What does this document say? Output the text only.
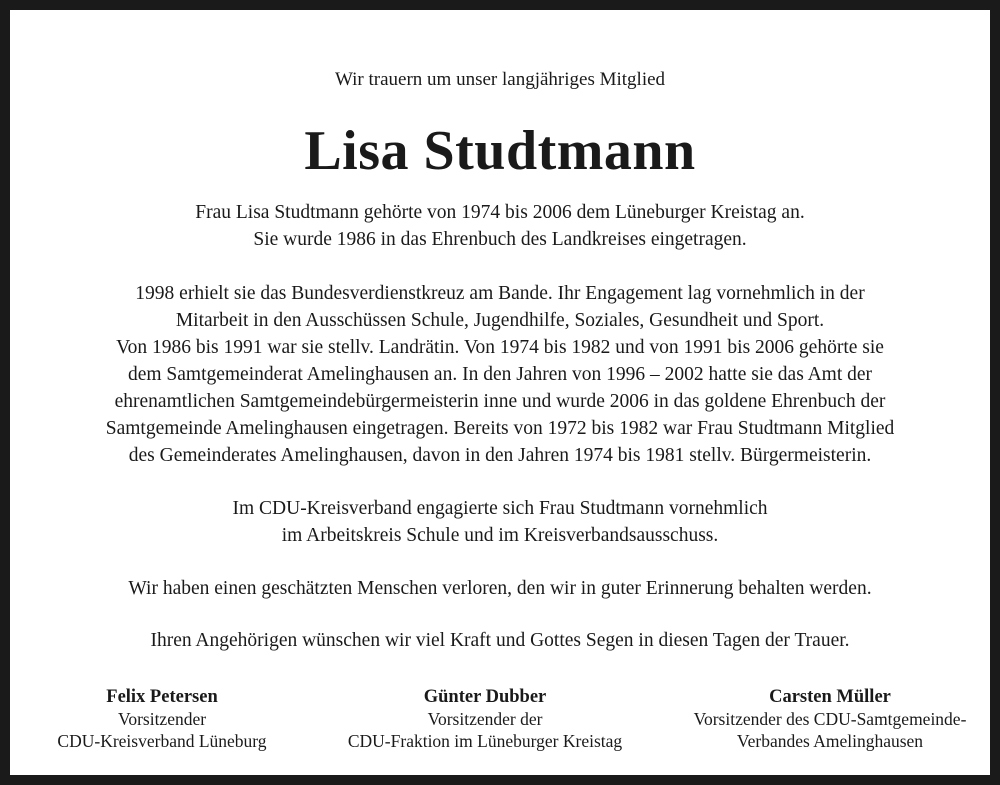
Wir trauern um unser langjähriges Mitglied
Lisa Studtmann
Frau Lisa Studtmann gehörte von 1974 bis 2006 dem Lüneburger Kreistag an.
Sie wurde 1986 in das Ehrenbuch des Landkreises eingetragen.
1998 erhielt sie das Bundesverdienstkreuz am Bande. Ihr Engagement lag vornehmlich in der
Mitarbeit in den Ausschüssen Schule, Jugendhilfe, Soziales, Gesundheit und Sport.
Von 1986 bis 1991 war sie stellv. Landrätin. Von 1974 bis 1982 und von 1991 bis 2006 gehörte sie
dem Samtgemeinderat Amelinghausen an. In den Jahren von 1996 – 2002 hatte sie das Amt der
ehrenamtlichen Samtgemeindebürgermeisterin inne und wurde 2006 in das goldene Ehrenbuch der
Samtgemeinde Amelinghausen eingetragen. Bereits von 1972 bis 1982 war Frau Studtmann Mitglied
des Gemeinderates Amelinghausen, davon in den Jahren 1974 bis 1981 stellv. Bürgermeisterin.
Im CDU-Kreisverband engagierte sich Frau Studtmann vornehmlich
im Arbeitskreis Schule und im Kreisverbandsausschuss.
Wir haben einen geschätzten Menschen verloren, den wir in guter Erinnerung behalten werden.
Ihren Angehörigen wünschen wir viel Kraft und Gottes Segen in diesen Tagen der Trauer.
Felix Petersen
Vorsitzender
CDU-Kreisverband Lüneburg
Günter Dubber
Vorsitzender der
CDU-Fraktion im Lüneburger Kreistag
Carsten Müller
Vorsitzender des CDU-Samtgemeinde-
Verbandes Amelinghausen
